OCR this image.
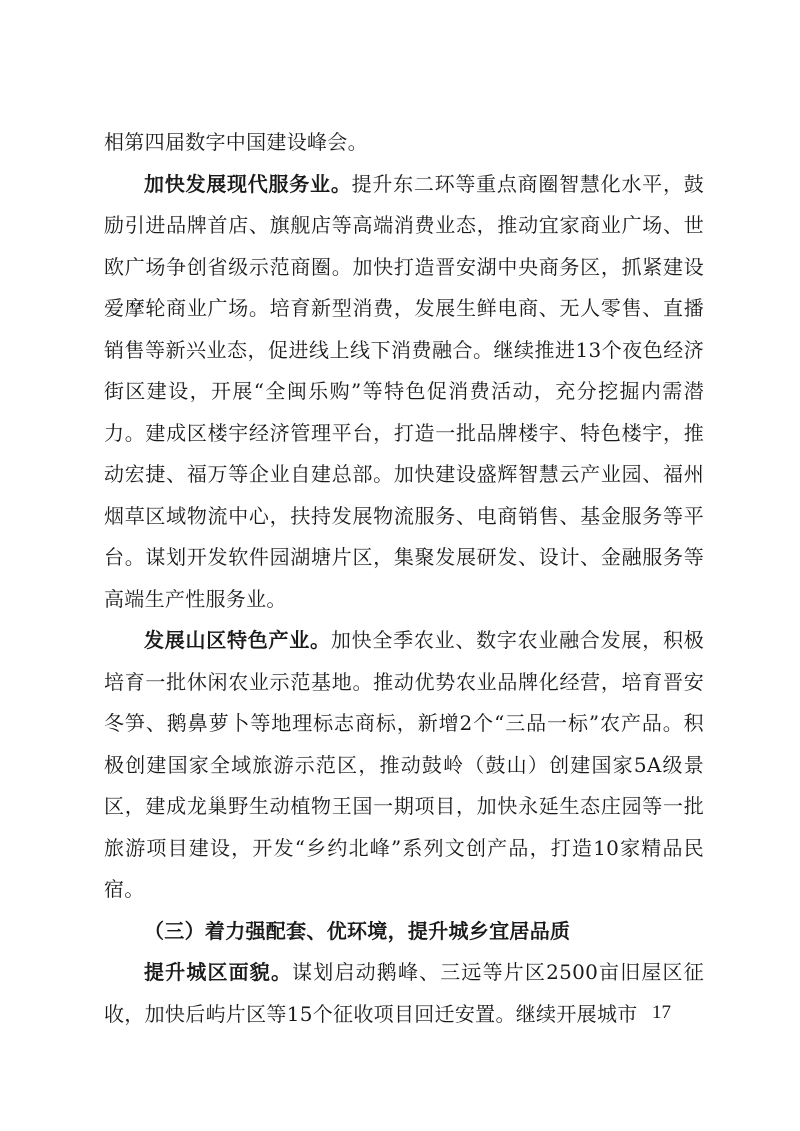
相第四届数字中国建设峰会。

加快发展现代服务业。提升东二环等重点商圈智慧化水平，鼓励引进品牌首店、旗舰店等高端消费业态，推动宜家商业广场、世欧广场争创省级示范商圈。加快打造晋安湖中央商务区，抓紧建设爱摩轮商业广场。培育新型消费，发展生鲜电商、无人零售、直播销售等新兴业态，促进线上线下消费融合。继续推进13个夜色经济街区建设，开展“全闽乐购”等特色促消费活动，充分挖掘内需潜力。建成区楼宇经济管理平台，打造一批品牌楼宇、特色楼宇，推动宏捷、福万等企业自建总部。加快建设盛辉智慧云产业园、福州烟草区域物流中心，扶持发展物流服务、电商销售、基金服务等平台。谋划开发软件园湖塘片区，集聚发展研发、设计、金融服务等高端生产性服务业。

发展山区特色产业。加快全季农业、数字农业融合发展，积极培育一批休闲农业示范基地。推动优势农业品牌化经营，培育晋安冬笋、鹅鼻萝卜等地理标志商标，新增2个“三品一标”农产品。积极创建国家全域旅游示范区，推动鼓岭（鼓山）创建国家5A级景区，建成龙巢野生动植物王国一期项目，加快永延生态庄园等一批旅游项目建设，开发“乡约北峰”系列文创产品，打造10家精品民宿。

（三）着力强配套、优环境，提升城乡宜居品质

提升城区面貌。谋划启动鹅峰、三远等片区2500亩旧屋区征收，加快后屿片区等15个征收项目回迁安置。继续开展城市 17
